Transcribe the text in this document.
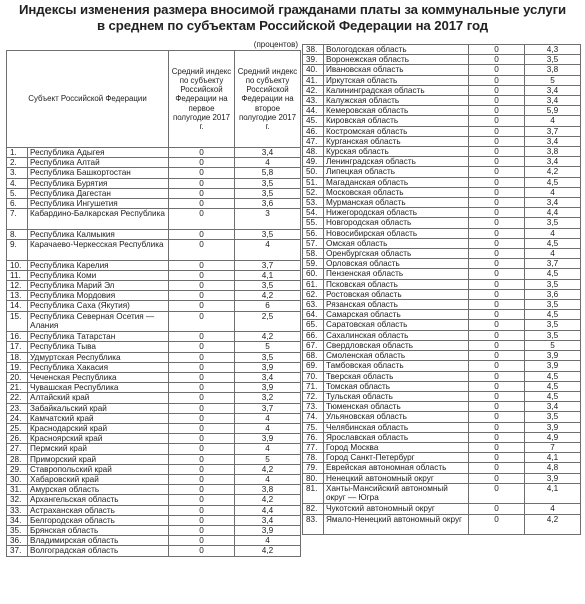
Индексы изменения размера вносимой гражданами платы за коммунальные услуги
в среднем по субъектам Российской Федерации на 2017 год
(процентов)
Субъект Российской Федерации		Средний индекс по субъекту Российской Федерации на первое полугодие 2017 г.	Средний индекс по субъекту Российской Федерации на второе полугодие 2017 г.
1.	Республика Адыгея	0	3,4
2.	Республика Алтай	0	4
3.	Республика Башкортостан	0	5,8
4.	Республика Бурятия	0	3,5
5.	Республика Дагестан	0	3,5
6.	Республика Ингушетия	0	3,6
7.	Кабардино-Балкарская Республика	0	3
8.	Республика Калмыкия	0	3,5
9.	Карачаево-Черкесская Республика	0	4
10.	Республика Карелия	0	3,7
11.	Республика Коми	0	4,1
12.	Республика Марий Эл	0	3,5
13.	Республика Мордовия	0	4,2
14.	Республика Саха (Якутия)	0	6
15.	Республика Северная Осетия — Алания	0	2,5
16.	Республика Татарстан	0	4,2
17.	Республика Тыва	0	5
18.	Удмуртская Республика	0	3,5
19.	Республика Хакасия	0	3,9
20.	Чеченская Республика	0	3,4
21.	Чувашская Республика	0	3,9
22.	Алтайский край	0	3,2
23.	Забайкальский край	0	3,7
24.	Камчатский край	0	4
25.	Краснодарский край	0	4
26.	Красноярский край	0	3,9
27.	Пермский край	0	4
28.	Приморский край	0	5
29.	Ставропольский край	0	4,2
30.	Хабаровский край	0	4
31.	Амурская область	0	3,8
32.	Архангельская область	0	4,2
33.	Астраханская область	0	4,4
34.	Белгородская область	0	3,4
35.	Брянская область	0	3,9
36.	Владимирская область	0	4
37.	Волгоградская область	0	4,2
38.	Вологодская область	0	4,3
39.	Воронежская область	0	3,5
40.	Ивановская область	0	3,8
41.	Иркутская область	0	5
42.	Калининградская область	0	3,4
43.	Калужская область	0	3,4
44.	Кемеровская область	0	5,9
45.	Кировская область	0	4
46.	Костромская область	0	3,7
47.	Курганская область	0	3,4
48.	Курская область	0	3,8
49.	Ленинградская область	0	3,4
50.	Липецкая область	0	4,2
51.	Магаданская область	0	4,5
52.	Московская область	0	4
53.	Мурманская область	0	3,4
54.	Нижегородская область	0	4,4
55.	Новгородская область	0	3,5
56.	Новосибирская область	0	4
57.	Омская область	0	4,5
58.	Оренбургская область	0	4
59.	Орловская область	0	3,7
60.	Пензенская область	0	4,5
61.	Псковская область	0	3,5
62.	Ростовская область	0	3,6
63.	Рязанская область	0	3,5
64.	Самарская область	0	4,5
65.	Саратовская область	0	3,5
66.	Сахалинская область	0	3,5
67.	Свердловская область	0	5
68.	Смоленская область	0	3,9
69.	Тамбовская область	0	3,9
70.	Тверская область	0	4,5
71.	Томская область	0	4,5
72.	Тульская область	0	4,5
73.	Тюменская область	0	3,4
74.	Ульяновская область	0	3,5
75.	Челябинская область	0	3,9
76.	Ярославская область	0	4,9
77.	Город Москва	0	7
78.	Город Санкт-Петербург	0	4,1
79.	Еврейская автономная область	0	4,8
80.	Ненецкий автономный округ	0	3,9
81.	Ханты-Мансийский автономный округ — Югра	0	4,1
82.	Чукотский автономный округ	0	4
83.	Ямало-Ненецкий автономный округ	0	4,2
